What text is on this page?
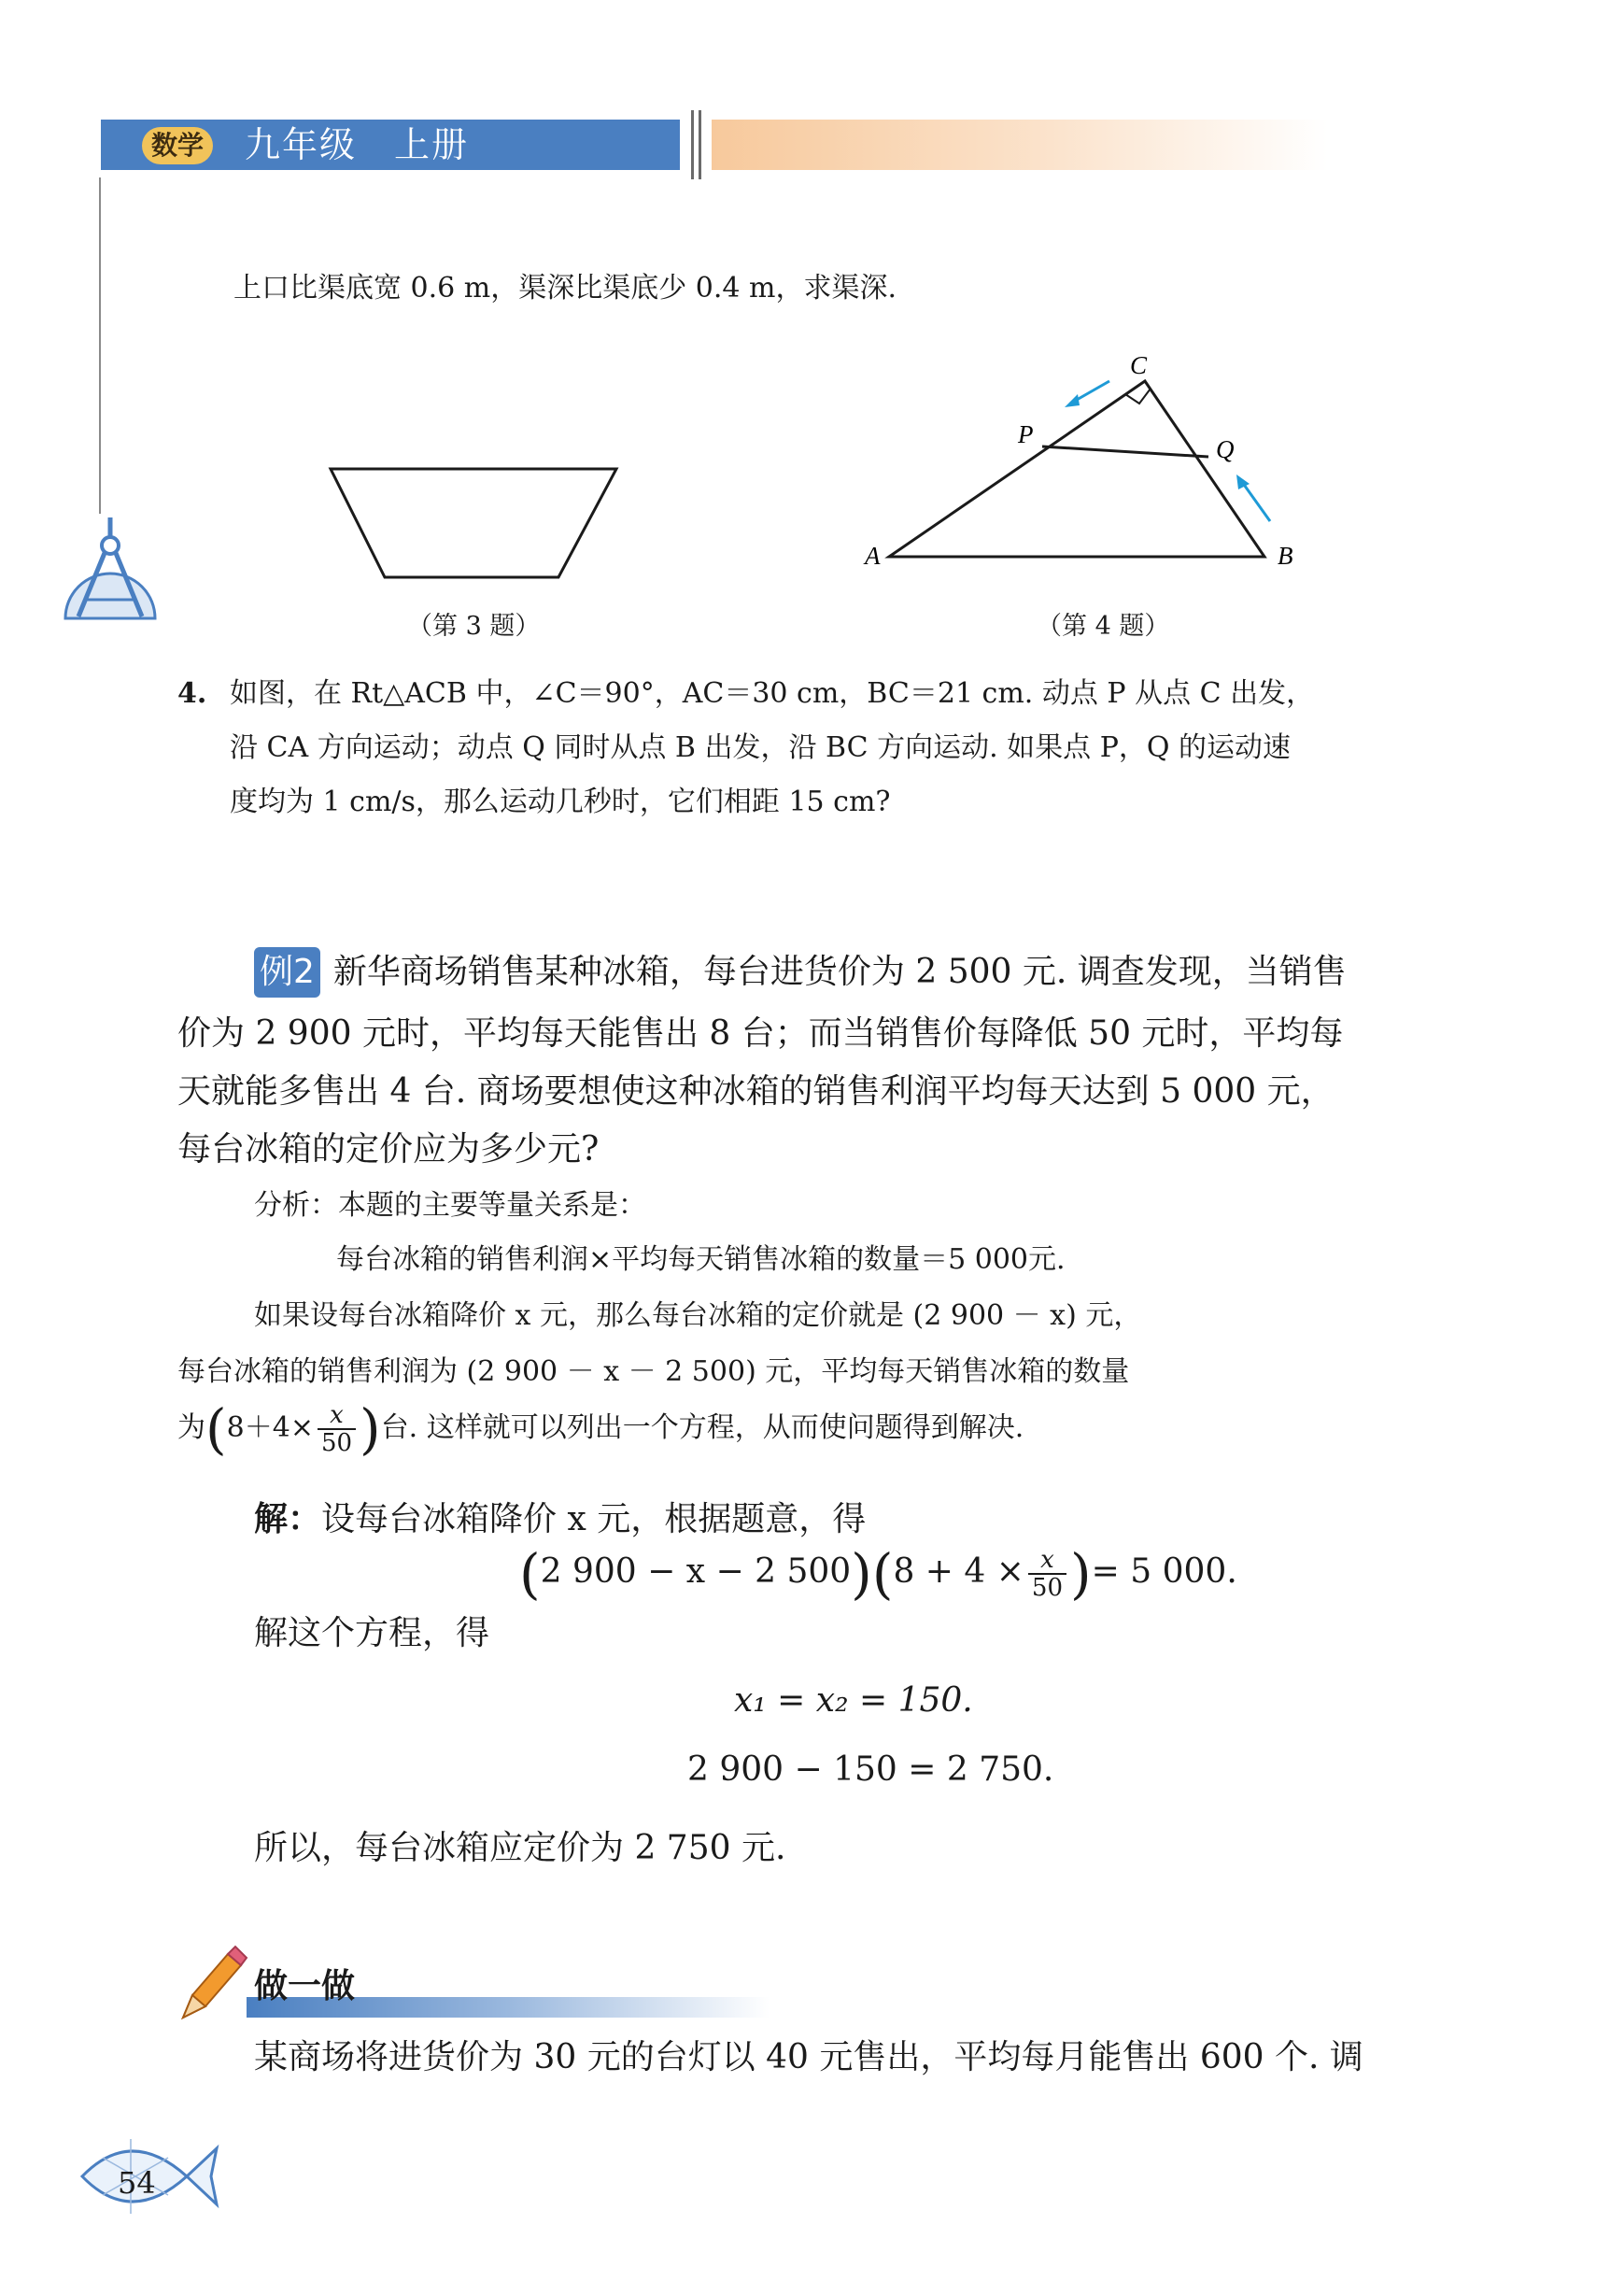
数学 九年级　上册
上口比渠底宽 0.6 m，渠深比渠底少 0.4 m，求渠深.
（第 3 题）
C
P
Q
A	B
（第 4 题）
4. 如图，在 Rt△ACB 中，∠C＝90°，AC＝30 cm，BC＝21 cm. 动点 P 从点 C 出发，
沿 CA 方向运动；动点 Q 同时从点 B 出发，沿 BC 方向运动. 如果点 P，Q 的运动速
度均为 1 cm/s，那么运动几秒时，它们相距 15 cm?
例2 新华商场销售某种冰箱，每台进货价为 2 500 元. 调查发现，当销售
价为 2 900 元时，平均每天能售出 8 台；而当销售价每降低 50 元时，平均每
天就能多售出 4 台. 商场要想使这种冰箱的销售利润平均每天达到 5 000 元，
每台冰箱的定价应为多少元?
分析：本题的主要等量关系是：
每台冰箱的销售利润×平均每天销售冰箱的数量＝5 000元.
如果设每台冰箱降价 x 元，那么每台冰箱的定价就是 (2 900 － x) 元，
每台冰箱的销售利润为 (2 900 － x － 2 500) 元，平均每天销售冰箱的数量
为($8+4\times \frac{x}{50}$ )台. 这样就可以列出一个方程，从而使问题得到解决.
解：设每台冰箱降价 x 元，根据题意，得
(2 900 − x − 2 $500)(8 + 4 \times \frac{x}{50}$ )= 5 000.
解这个方程，得
x₁ = x₂ = 150.
2 900 − 150 = 2 750.
所以，每台冰箱应定价为 2 750 元.
做一做
某商场将进货价为 30 元的台灯以 40 元售出，平均每月能售出 600 个. 调
54
